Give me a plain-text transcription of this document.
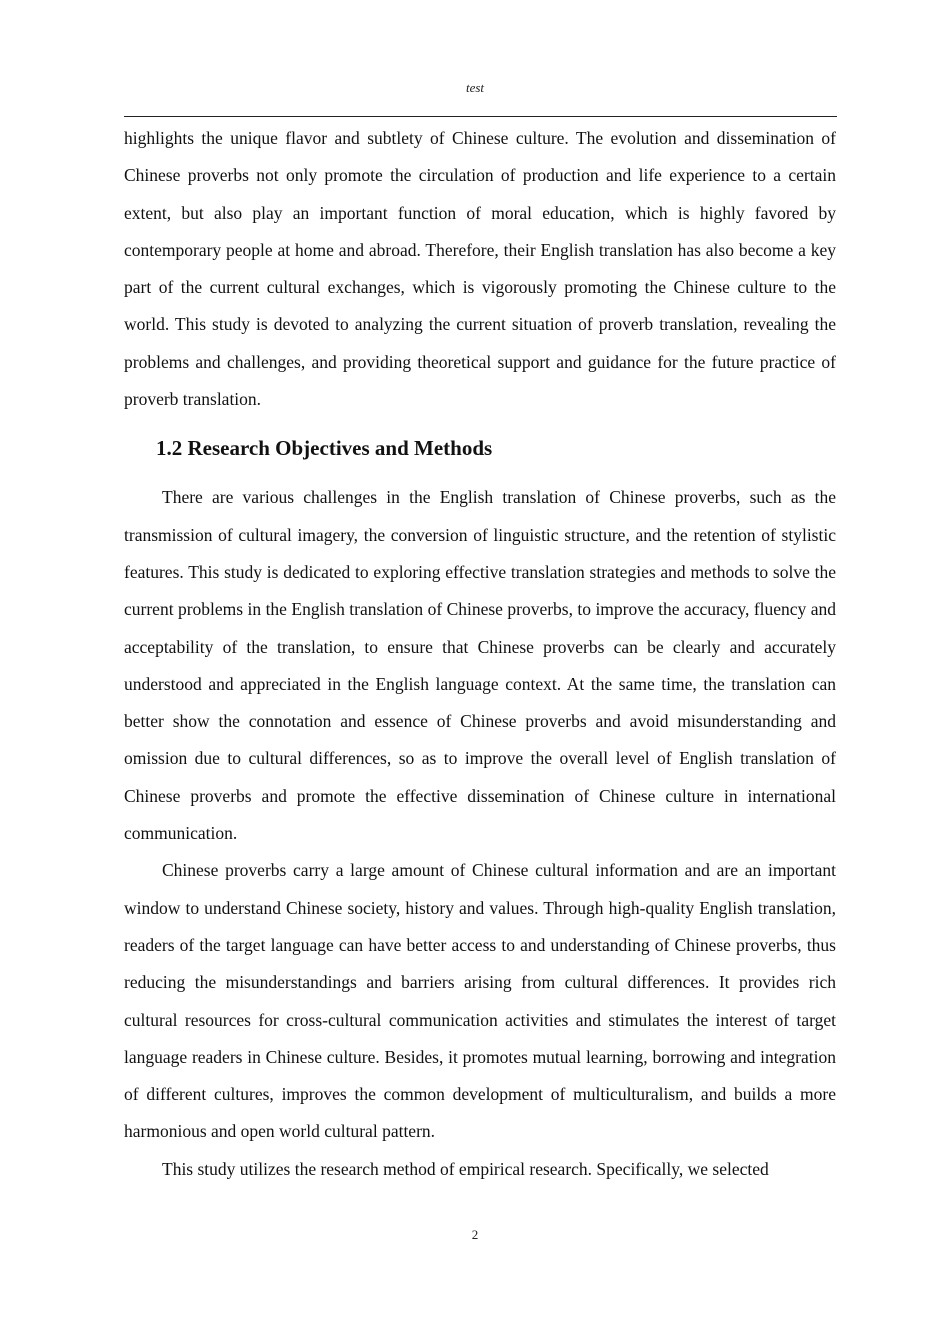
test

highlights the unique flavor and subtlety of Chinese culture. The evolution and dissemination of Chinese proverbs not only promote the circulation of production and life experience to a certain extent, but also play an important function of moral education, which is highly favored by contemporary people at home and abroad. Therefore, their English translation has also become a key part of the current cultural exchanges, which is vigorously promoting the Chinese culture to the world. This study is devoted to analyzing the current situation of proverb translation, revealing the problems and challenges, and providing theoretical support and guidance for the future practice of proverb translation.

1.2 Research Objectives and Methods

There are various challenges in the English translation of Chinese proverbs, such as the transmission of cultural imagery, the conversion of linguistic structure, and the retention of stylistic features. This study is dedicated to exploring effective translation strategies and methods to solve the current problems in the English translation of Chinese proverbs, to improve the accuracy, fluency and acceptability of the translation, to ensure that Chinese proverbs can be clearly and accurately understood and appreciated in the English language context. At the same time, the translation can better show the connotation and essence of Chinese proverbs and avoid misunderstanding and omission due to cultural differences, so as to improve the overall level of English translation of Chinese proverbs and promote the effective dissemination of Chinese culture in international communication.

Chinese proverbs carry a large amount of Chinese cultural information and are an important window to understand Chinese society, history and values. Through high-quality English translation, readers of the target language can have better access to and understanding of Chinese proverbs, thus reducing the misunderstandings and barriers arising from cultural differences. It provides rich cultural resources for cross-cultural communication activities and stimulates the interest of target language readers in Chinese culture. Besides, it promotes mutual learning, borrowing and integration of different cultures, improves the common development of multiculturalism, and builds a more harmonious and open world cultural pattern.

This study utilizes the research method of empirical research. Specifically, we selected

2
